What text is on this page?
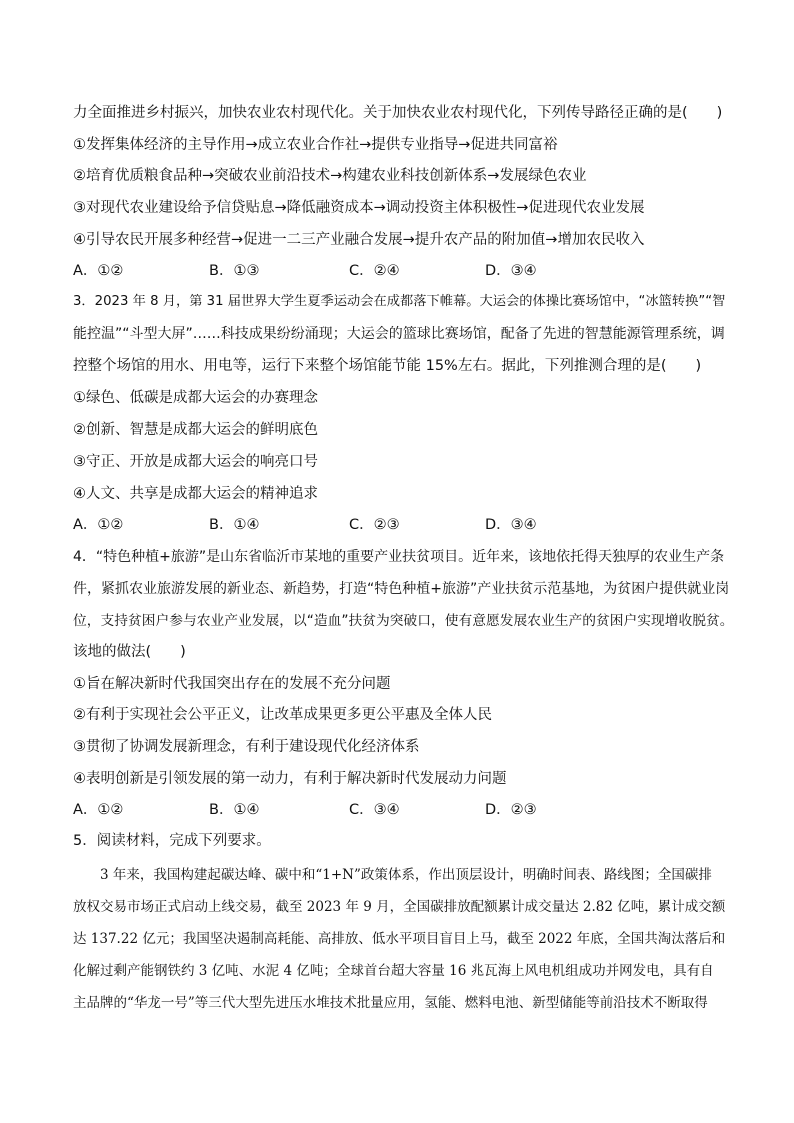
力全面推进乡村振兴，加快农业农村现代化。关于加快农业农村现代化，下列传导路径正确的是(　　)
①发挥集体经济的主导作用→成立农业合作社→提供专业指导→促进共同富裕
②培育优质粮食品种→突破农业前沿技术→构建农业科技创新体系→发展绿色农业
③对现代农业建设给予信贷贴息→降低融资成本→调动投资主体积极性→促进现代农业发展
④引导农民开展多种经营→促进一二三产业融合发展→提升农产品的附加值→增加农民收入
A．①②	B．①③	C．②④	D．③④
3．2023 年 8 月，第 31 届世界大学生夏季运动会在成都落下帷幕。大运会的体操比赛场馆中，“冰篮转换”“智
能控温”“斗型大屏”……科技成果纷纷涌现；大运会的篮球比赛场馆，配备了先进的智慧能源管理系统，调
控整个场馆的用水、用电等，运行下来整个场馆能节能 15%左右。据此，下列推测合理的是(　　)
①绿色、低碳是成都大运会的办赛理念
②创新、智慧是成都大运会的鲜明底色
③守正、开放是成都大运会的响亮口号
④人文、共享是成都大运会的精神追求
A．①②	B．①④	C．②③	D．③④
4．“特色种植+旅游”是山东省临沂市某地的重要产业扶贫项目。近年来，该地依托得天独厚的农业生产条
件，紧抓农业旅游发展的新业态、新趋势，打造“特色种植+旅游”产业扶贫示范基地，为贫困户提供就业岗
位，支持贫困户参与农业产业发展，以“造血”扶贫为突破口，使有意愿发展农业生产的贫困户实现增收脱贫。
该地的做法(　　)
①旨在解决新时代我国突出存在的发展不充分问题
②有利于实现社会公平正义，让改革成果更多更公平惠及全体人民
③贯彻了协调发展新理念，有利于建设现代化经济体系
④表明创新是引领发展的第一动力，有利于解决新时代发展动力问题
A．①②	B．①④	C．③④	D．②③
5．阅读材料，完成下列要求。
　　3 年来，我国构建起碳达峰、碳中和“1+N”政策体系，作出顶层设计，明确时间表、路线图；全国碳排
放权交易市场正式启动上线交易，截至 2023 年 9 月，全国碳排放配额累计成交量达 2.82 亿吨，累计成交额
达 137.22 亿元；我国坚决遏制高耗能、高排放、低水平项目盲目上马，截至 2022 年底，全国共淘汰落后和
化解过剩产能钢铁约 3 亿吨、水泥 4 亿吨；全球首台超大容量 16 兆瓦海上风电机组成功并网发电，具有自
主品牌的“华龙一号”等三代大型先进压水堆技术批量应用，氢能、燃料电池、新型储能等前沿技术不断取得
